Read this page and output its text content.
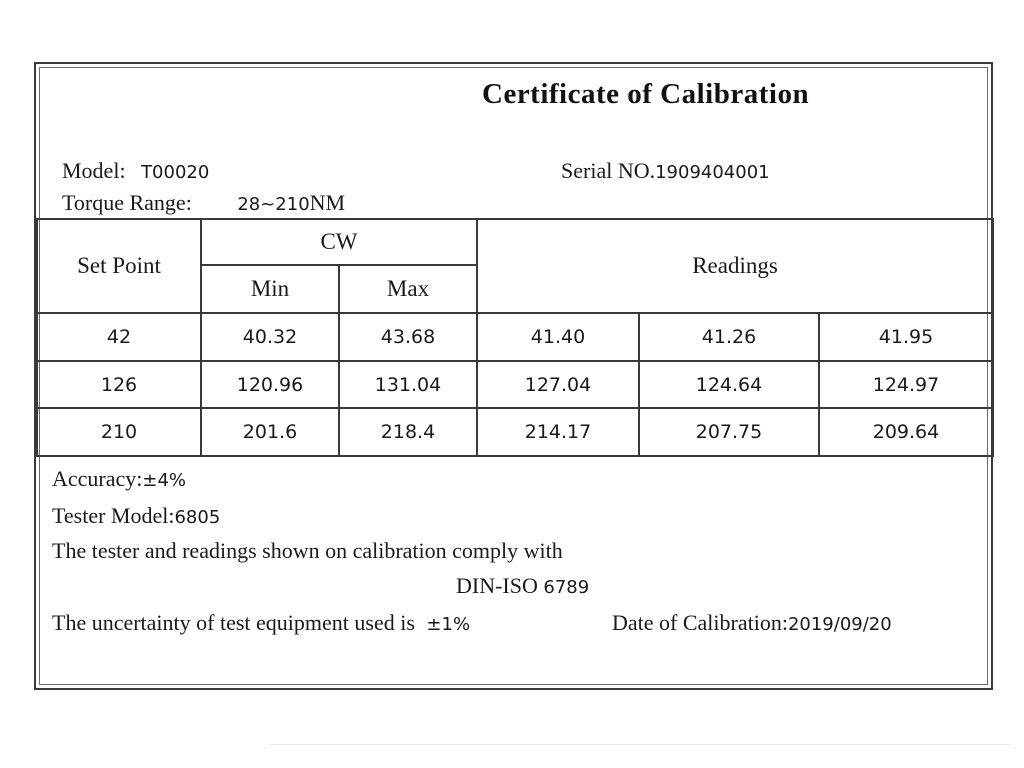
Certificate of Calibration
Model: T00020	Serial NO.1909404001
Torque Range:	28~210NM
Set Point	CW		Readings		
	Min	Max			
42	40.32	43.68	41.40	41.26	41.95
126	120.96	131.04	127.04	124.64	124.97
210	201.6	218.4	214.17	207.75	209.64
Accuracy:±4%
Tester Model:6805
The tester and readings shown on calibration comply with
DIN-ISO 6789
The uncertainty of test equipment used is ±1%	Date of Calibration:2019/09/20
